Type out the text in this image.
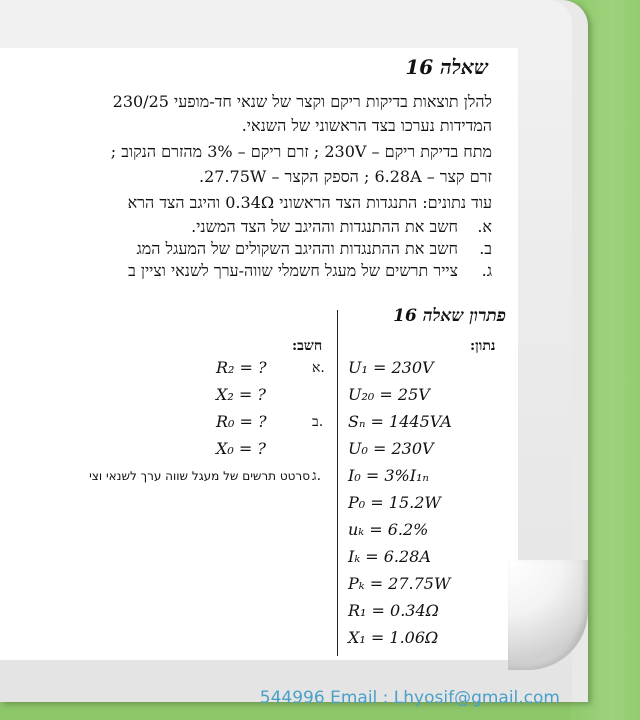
שאלה 16
להלן תוצאות בדיקות ריקם וקצר של שנאי חד-מופעי 230/25
המדידות נערכו בצד הראשוני של השנאי.
מתח בדיקת ריקם – 230V ; זרם ריקם – 3% מהזרם הנקוב ;
זרם קצר – 6.28A ; הספק הקצר – 27.75W.
עוד נתונים: התנגדות הצד הראשוני 0.34Ω והיגב הצד הרא
א.חשב את ההתנגדות וההיגב של הצד המשני.
ב.חשב את ההתנגדות וההיגב השקולים של המעגל המג
ג.צייר תרשים של מעגל חשמלי שווה-ערך לשנאי וציין ב
פתרון שאלה 16
נתון:
חשב:
U₁ = 230V
U₂₀ = 25V
Sₙ = 1445VA
U₀ = 230V
I₀ = 3%I₁ₙ
P₀ = 15.2W
uₖ = 6.2%
Iₖ = 6.28A
Pₖ = 27.75W
R₁ = 0.34Ω
X₁ = 1.06Ω
א.
R₂ = ?
X₂ = ?
ב.
R₀ = ?
X₀ = ?
ג.
סרטט תרשים של מעגל שווה ערך לשנאי וצי
544996 Email : Lhyosif@gmail.com
